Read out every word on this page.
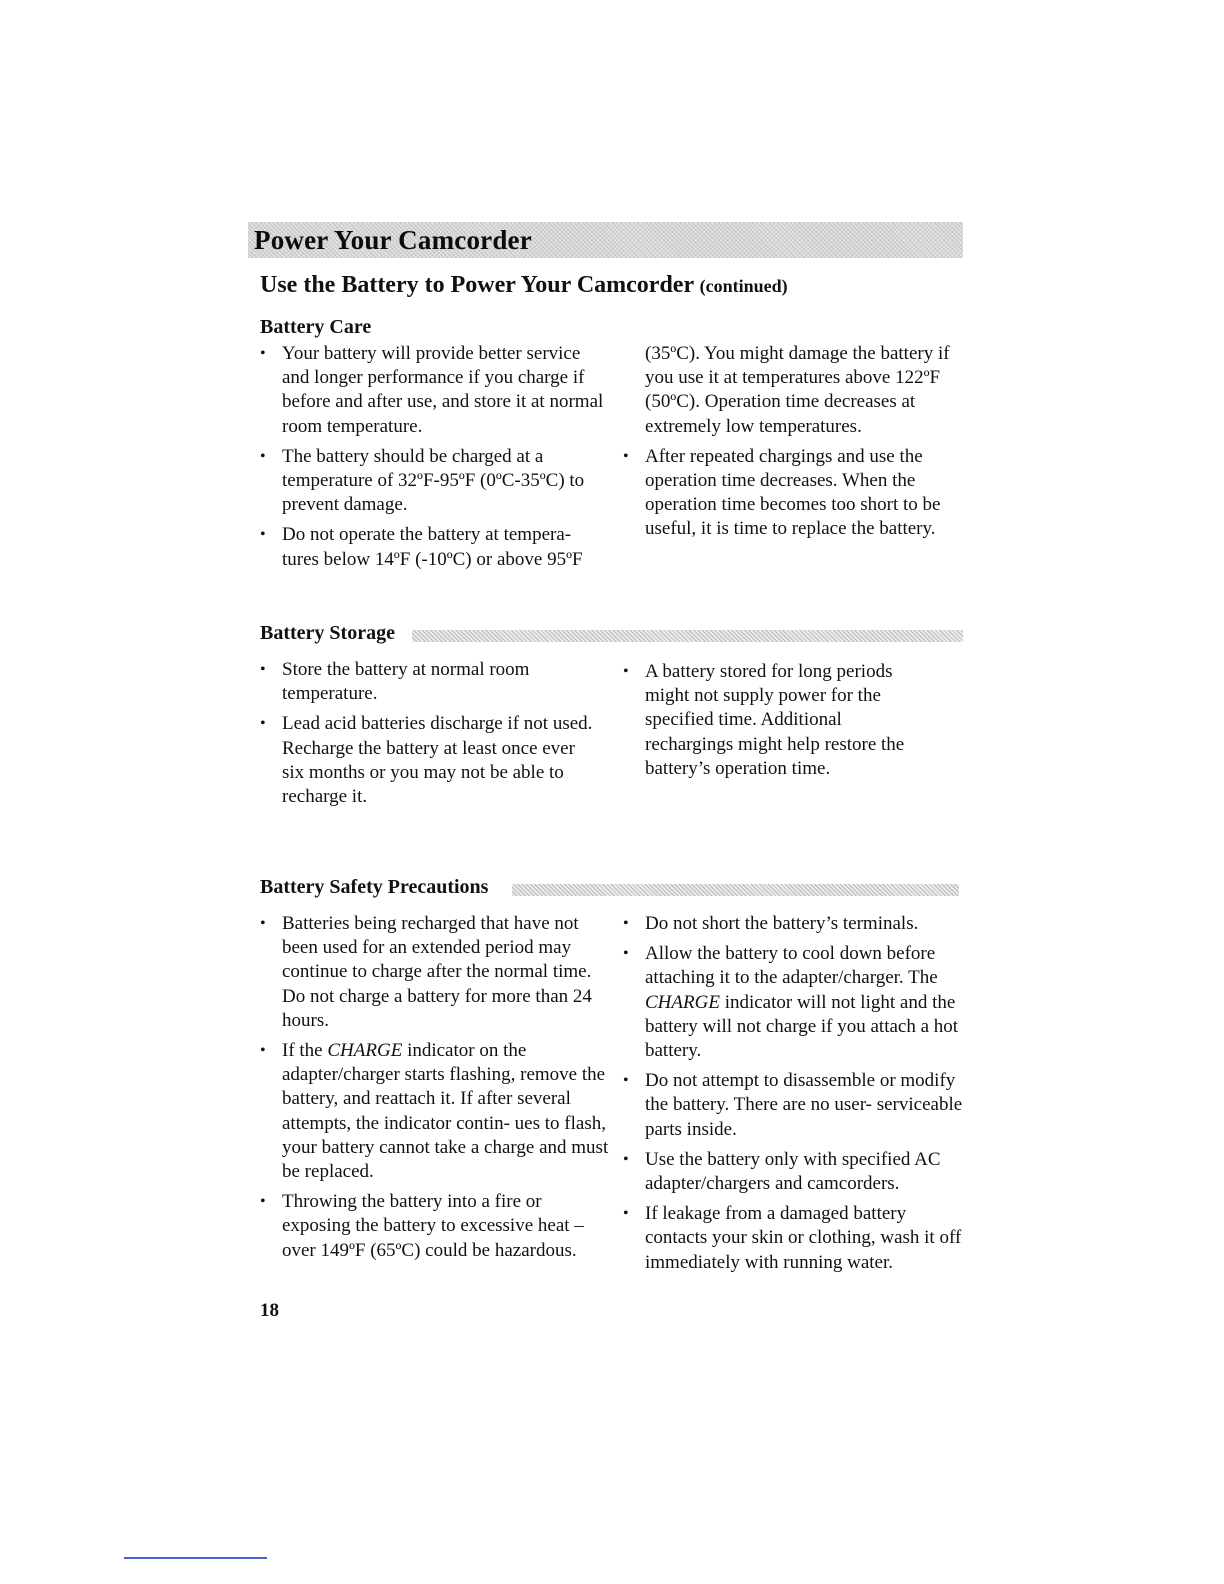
Power Your Camcorder
Use the Battery to Power Your Camcorder (continued)
Battery Care
• Your battery will provide better service and longer performance if you charge if before and after use, and store it at normal room temperature.
• The battery should be charged at a temperature of 32ºF-95ºF (0ºC-35ºC) to prevent damage.
• Do not operate the battery at tempera- tures below 14ºF (-10ºC) or above 95ºF
(35ºC). You might damage the battery if you use it at temperatures above 122ºF (50ºC). Operation time decreases at extremely low temperatures.
• After repeated chargings and use the operation time decreases. When the operation time becomes too short to be useful, it is time to replace the battery.
Battery Storage
• Store the battery at normal room temperature.
• Lead acid batteries discharge if not used. Recharge the battery at least once ever six months or you may not be able to recharge it.
• A battery stored for long periods might not supply power for the specified time. Additional rechargings might help restore the battery’s operation time.
Battery Safety Precautions
• Batteries being recharged that have not been used for an extended period may continue to charge after the normal time. Do not charge a battery for more than 24 hours.
• If the CHARGE indicator on the adapter/charger starts flashing, remove the battery, and reattach it. If after several attempts, the indicator contin- ues to flash, your battery cannot take a charge and must be replaced.
• Throwing the battery into a fire or exposing the battery to excessive heat – over 149ºF (65ºC) could be hazardous.
• Do not short the battery’s terminals.
• Allow the battery to cool down before attaching it to the adapter/charger. The CHARGE indicator will not light and the battery will not charge if you attach a hot battery.
• Do not attempt to disassemble or modify the battery. There are no user- serviceable parts inside.
• Use the battery only with specified AC adapter/chargers and camcorders.
• If leakage from a damaged battery contacts your skin or clothing, wash it off immediately with running water.
18
